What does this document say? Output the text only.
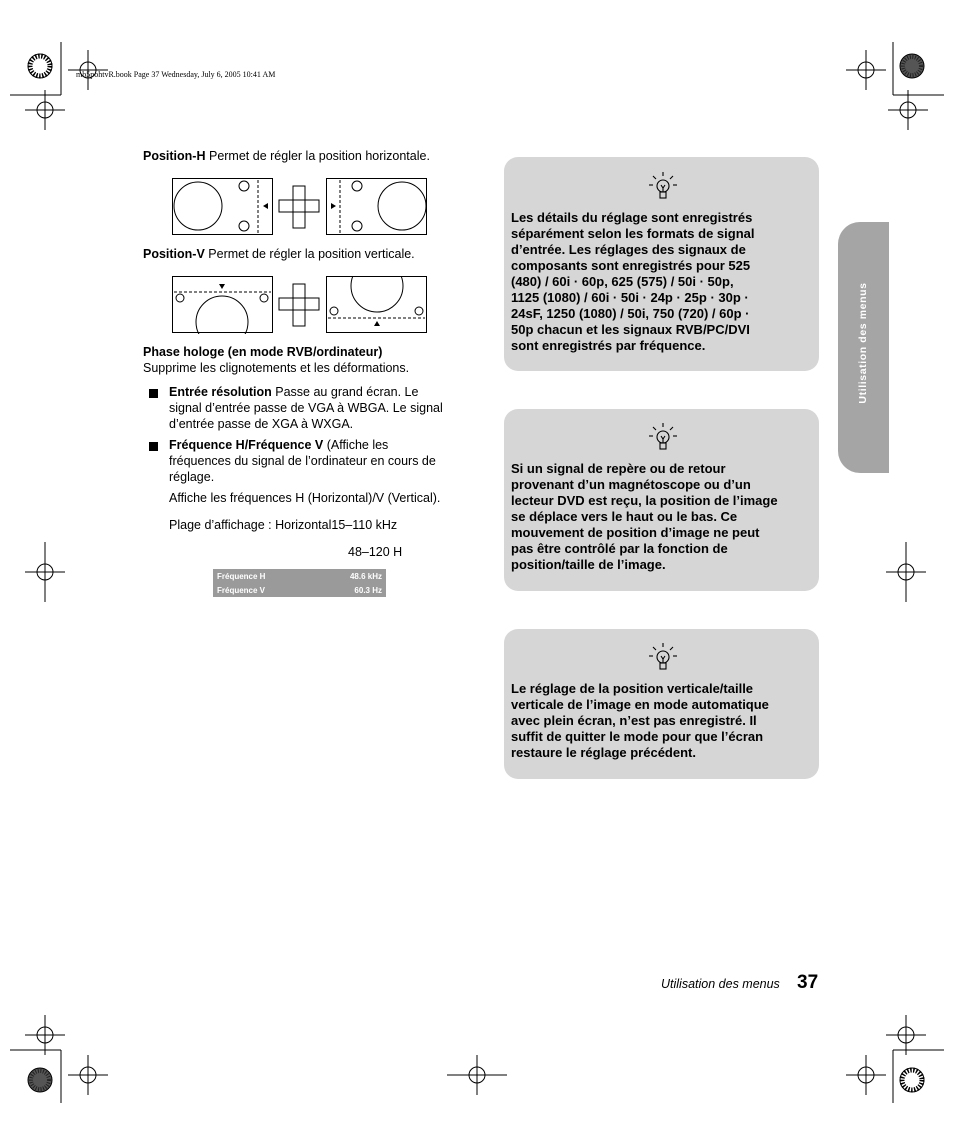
mb5pohtvR.book Page 37 Wednesday, July 6, 2005 10:41 AM
Position-H Permet de régler la position horizontale.
Position-V Permet de régler la position verticale.
Phase hologe (en mode RVB/ordinateur)
Supprime les clignotements et les déformations.
Entrée résolution Passe au grand écran. Le
signal d’entrée passe de VGA à WBGA. Le signal
d’entrée passe de XGA à WXGA.
Fréquence H/Fréquence V (Affiche les
fréquences du signal de l’ordinateur en cours de
réglage.
Affiche les fréquences H (Horizontal)/V (Vertical).
Plage d’affichage : Horizontal15–110 kHz
48–120 H
Fréquence H	48.6 kHz
Fréquence V	60.3 Hz
Les détails du réglage sont enregistrés
séparément selon les formats de signal
d’entrée. Les réglages des signaux de
composants sont enregistrés pour 525
(480) / 60i · 60p, 625 (575) / 50i · 50p,
1125 (1080) / 60i · 50i · 24p · 25p · 30p ·
24sF, 1250 (1080) / 50i, 750 (720) / 60p ·
50p chacun et les signaux RVB/PC/DVI
sont enregistrés par fréquence.
Si un signal de repère ou de retour
provenant d’un magnétoscope ou d’un
lecteur DVD est reçu, la position de l’image
se déplace vers le haut ou le bas. Ce
mouvement de position d’image ne peut
pas être contrôlé par la fonction de
position/taille de l’image.
Le réglage de la position verticale/taille
verticale de l’image en mode automatique
avec plein écran, n’est pas enregistré. Il
suffit de quitter le mode pour que l’écran
restaure le réglage précédent.
Utilisation des menus
Utilisation des menus 37
